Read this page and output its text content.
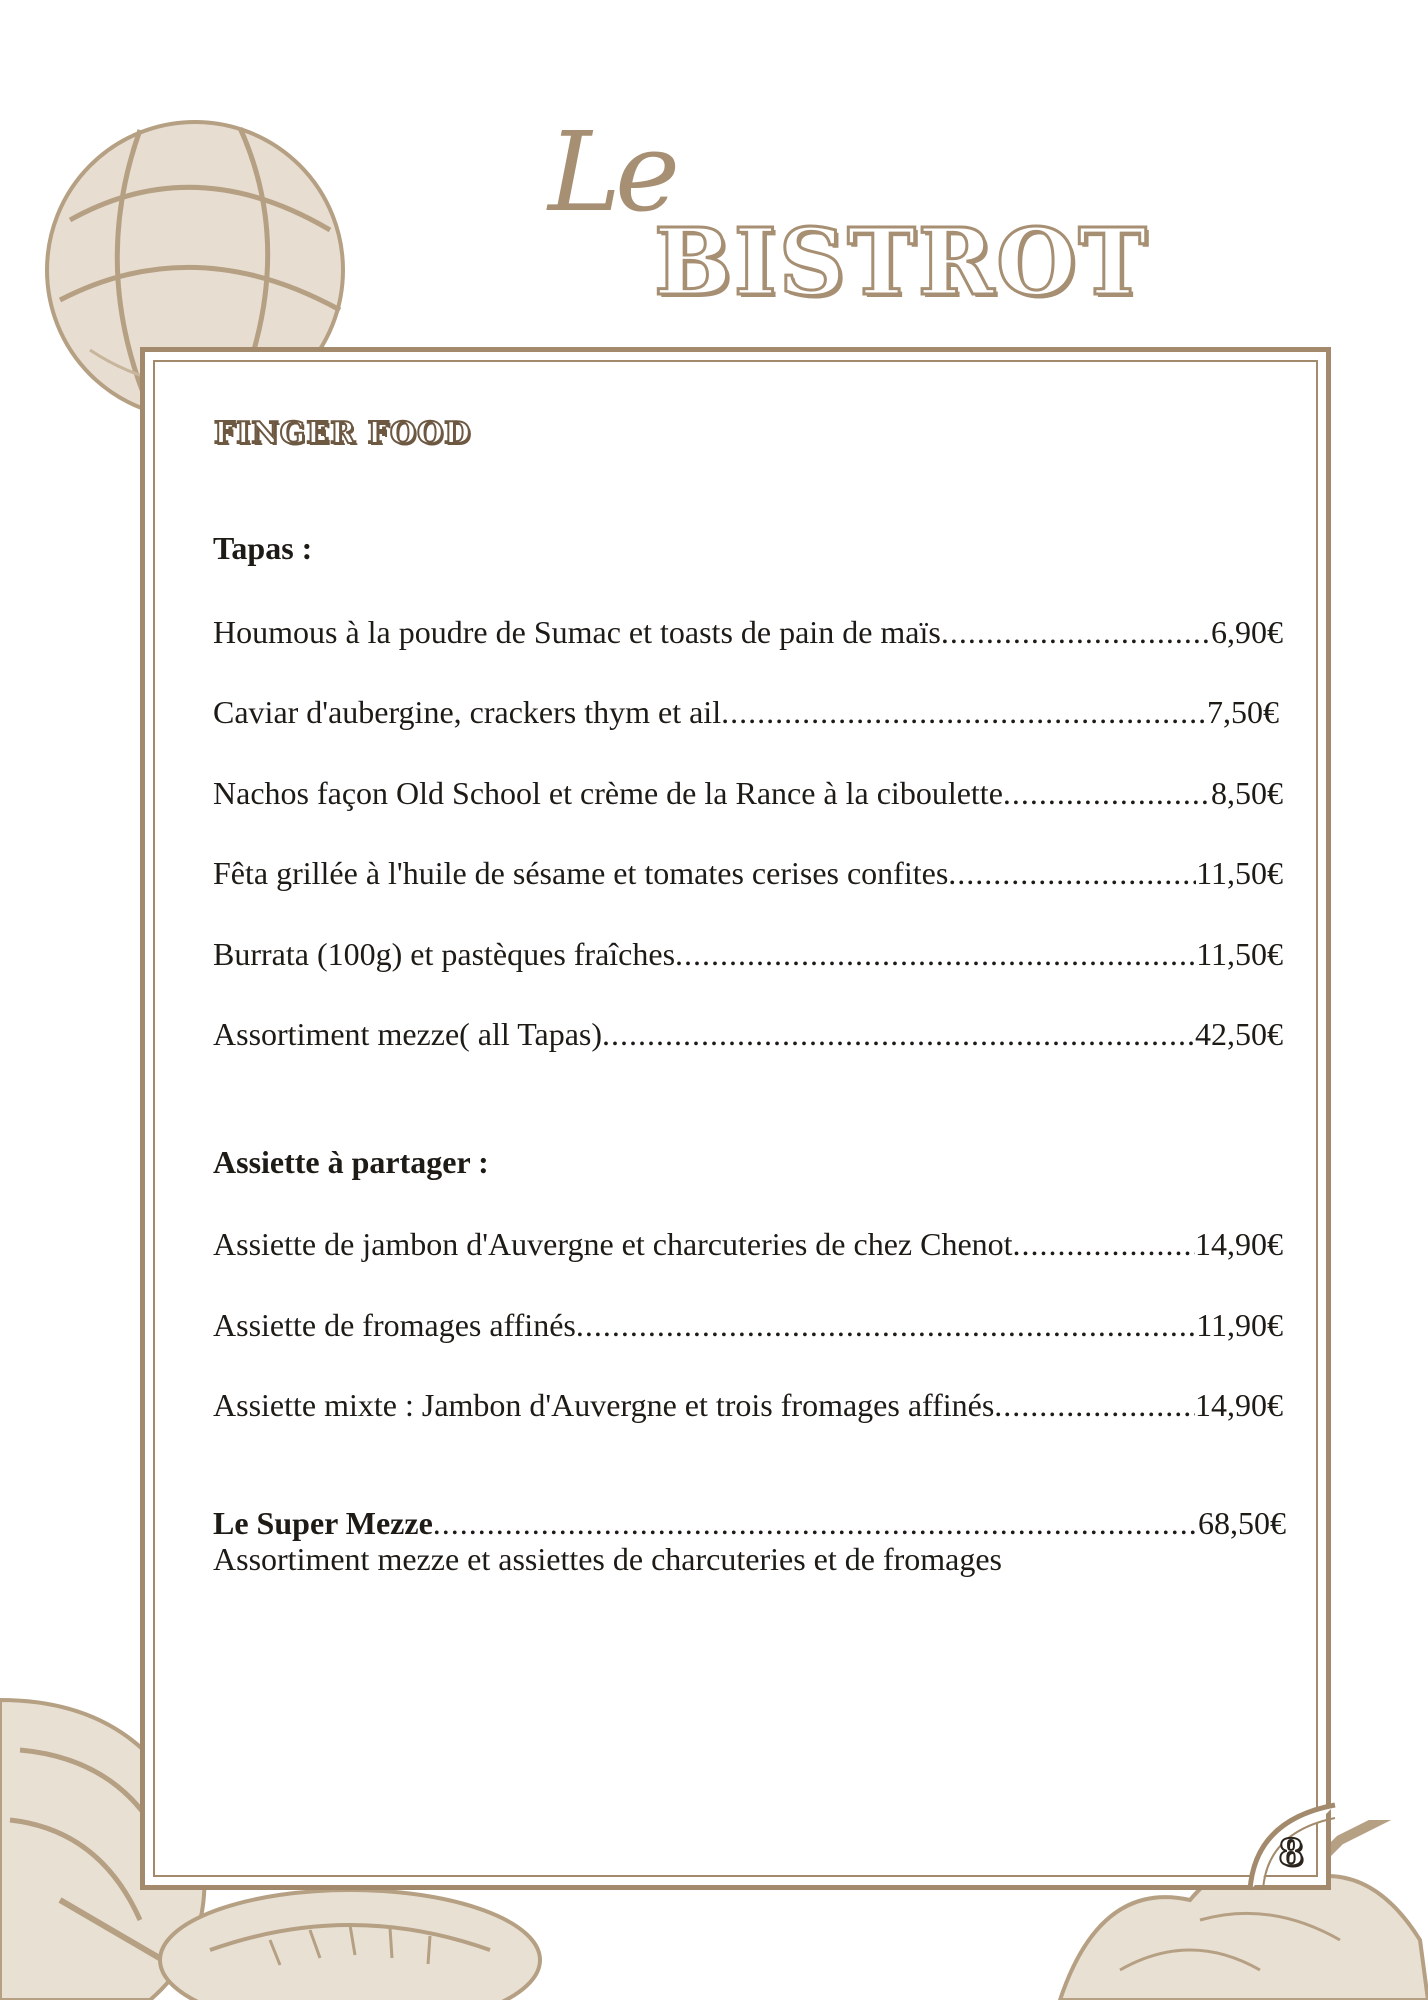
Le
BISTROT
FINGER FOOD
Tapas :
Houmous à la poudre de Sumac et toasts de pain de maïs .....	6,90€
Caviar d'aubergine, crackers thym et ail .....	7,50€
Nachos façon Old School et crème de la Rance à la ciboulette .....	8,50€
Fêta grillée à l'huile de sésame et tomates cerises confites .....	11,50€
Burrata (100g) et pastèques fraîches .....	11,50€
Assortiment mezze( all Tapas) .....	42,50€
Assiette à partager :
Assiette de jambon d'Auvergne et charcuteries de chez Chenot .....	14,90€
Assiette de fromages affinés .....	11,90€
Assiette mixte : Jambon d'Auvergne et trois fromages affinés .....	14,90€
Le Super Mezze .....	68,50€
Assortiment mezze et assiettes de charcuteries et de fromages
8
